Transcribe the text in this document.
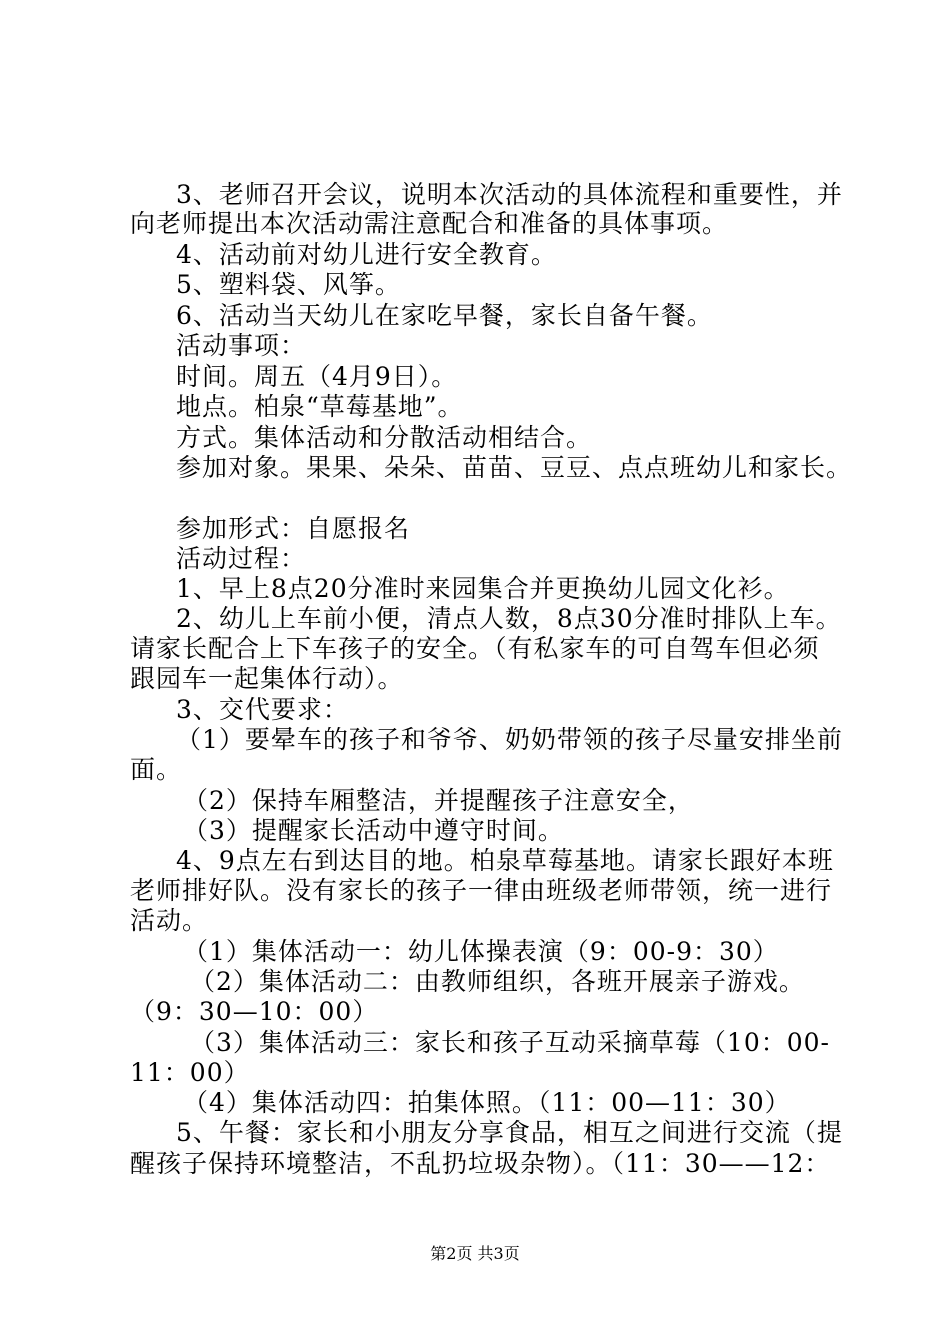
3、老师召开会议，说明本次活动的具体流程和重要性，并
向老师提出本次活动需注意配合和准备的具体事项。
4、活动前对幼儿进行安全教育。
5、塑料袋、风筝。
6、活动当天幼儿在家吃早餐，家长自备午餐。
活动事项：
时间。周五（4月9日）。
地点。柏泉“草莓基地”。
方式。集体活动和分散活动相结合。
参加对象。果果、朵朵、苗苗、豆豆、点点班幼儿和家长。
参加形式：自愿报名
活动过程：
1、早上8点20分准时来园集合并更换幼儿园文化衫。
2、幼儿上车前小便，清点人数，8点30分准时排队上车。
请家长配合上下车孩子的安全。（有私家车的可自驾车但必须
跟园车一起集体行动）。
3、交代要求：
（1）要晕车的孩子和爷爷、奶奶带领的孩子尽量安排坐前
面。
（2）保持车厢整洁，并提醒孩子注意安全，
（3）提醒家长活动中遵守时间。
4、9点左右到达目的地。柏泉草莓基地。请家长跟好本班
老师排好队。没有家长的孩子一律由班级老师带领，统一进行
活动。
（1）集体活动一：幼儿体操表演（9：00-9：30）
（2）集体活动二：由教师组织，各班开展亲子游戏。
（9：30—10：00）
（3）集体活动三：家长和孩子互动采摘草莓（10：00-
11：00）
（4）集体活动四：拍集体照。（11：00—11：30）
5、午餐：家长和小朋友分享食品，相互之间进行交流（提
醒孩子保持环境整洁，不乱扔垃圾杂物）。（11：30——12：
第2页 共3页
